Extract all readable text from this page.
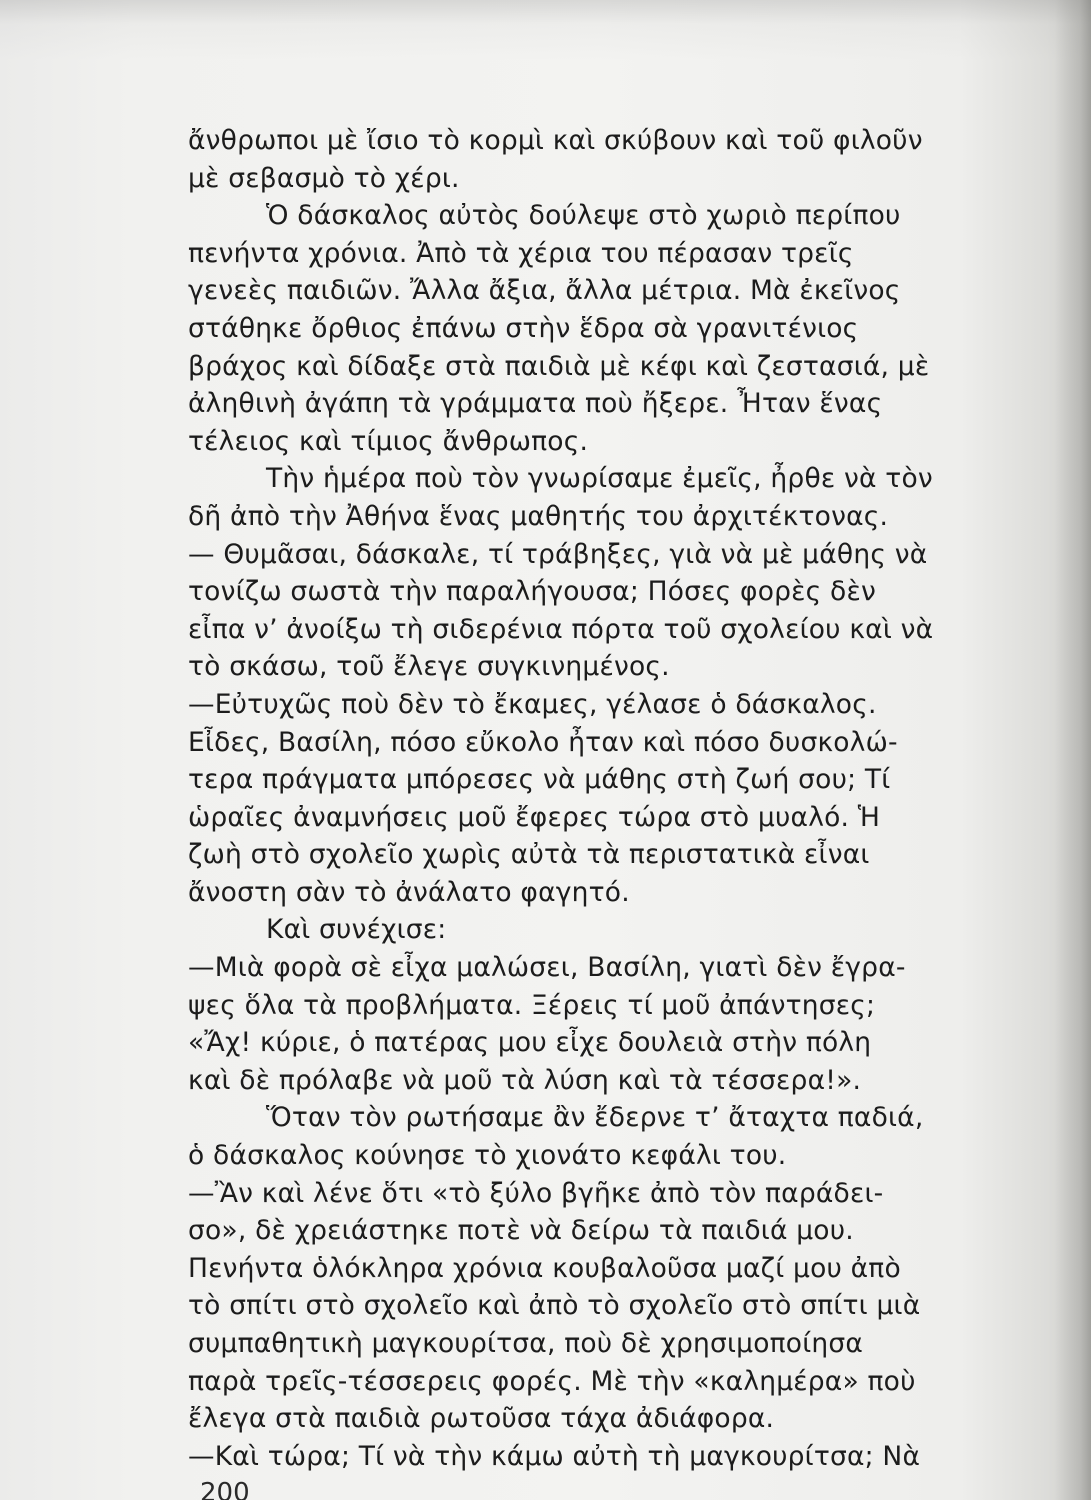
ἄνθρωποι μὲ ἴσιο τὸ κορμὶ καὶ σκύβουν καὶ τοῦ φιλοῦν
μὲ σεβασμὸ τὸ χέρι.
Ὁ δάσκαλος αὐτὸς δούλεψε στὸ χωριὸ περίπου
πενήντα χρόνια. Ἀπὸ τὰ χέρια του πέρασαν τρεῖς
γενεὲς παιδιῶν. Ἄλλα ἄξια, ἄλλα μέτρια. Μὰ ἐκεῖνος
στάθηκε ὄρθιος ἐπάνω στὴν ἕδρα σὰ γρανιτένιος
βράχος καὶ δίδαξε στὰ παιδιὰ μὲ κέφι καὶ ζεστασιά, μὲ
ἀληθινὴ ἀγάπη τὰ γράμματα ποὺ ἤξερε. Ἦταν ἕνας
τέλειος καὶ τίμιος ἄνθρωπος.
Τὴν ἡμέρα ποὺ τὸν γνωρίσαμε ἐμεῖς, ἦρθε νὰ τὸν
δῆ ἀπὸ τὴν Ἀθήνα ἕνας μαθητής του ἀρχιτέκτονας.
— Θυμᾶσαι, δάσκαλε, τί τράβηξες, γιὰ νὰ μὲ μάθης νὰ
τονίζω σωστὰ τὴν παραλήγουσα; Πόσες φορὲς δὲν
εἶπα ν’ ἀνοίξω τὴ σιδερένια πόρτα τοῦ σχολείου καὶ νὰ
τὸ σκάσω, τοῦ ἔλεγε συγκινημένος.
—Εὐτυχῶς ποὺ δὲν τὸ ἔκαμες, γέλασε ὁ δάσκαλος.
Εἶδες, Βασίλη, πόσο εὔκολο ἦταν καὶ πόσο δυσκολώ-
τερα πράγματα μπόρεσες νὰ μάθης στὴ ζωή σου; Τί
ὡραῖες ἀναμνήσεις μοῦ ἔφερες τώρα στὸ μυαλό. Ἡ
ζωὴ στὸ σχολεῖο χωρὶς αὐτὰ τὰ περιστατικὰ εἶναι
ἄνοστη σὰν τὸ ἀνάλατο φαγητό.
Καὶ συνέχισε:
—Μιὰ φορὰ σὲ εἶχα μαλώσει, Βασίλη, γιατὶ δὲν ἔγρα-
ψες ὅλα τὰ προβλήματα. Ξέρεις τί μοῦ ἀπάντησες;
«Ἄχ! κύριε, ὁ πατέρας μου εἶχε δουλειὰ στὴν πόλη
καὶ δὲ πρόλαβε νὰ μοῦ τὰ λύση καὶ τὰ τέσσερα!».
Ὅταν τὸν ρωτήσαμε ἂν ἔδερνε τ’ ἄταχτα παδιά,
ὁ δάσκαλος κούνησε τὸ χιονάτο κεφάλι του.
—Ἂν καὶ λένε ὅτι «τὸ ξύλο βγῆκε ἀπὸ τὸν παράδει-
σο», δὲ χρειάστηκε ποτὲ νὰ δείρω τὰ παιδιά μου.
Πενήντα ὁλόκληρα χρόνια κουβαλοῦσα μαζί μου ἀπὸ
τὸ σπίτι στὸ σχολεῖο καὶ ἀπὸ τὸ σχολεῖο στὸ σπίτι μιὰ
συμπαθητικὴ μαγκουρίτσα, ποὺ δὲ χρησιμοποίησα
παρὰ τρεῖς-τέσσερεις φορές. Μὲ τὴν «καλημέρα» ποὺ
ἔλεγα στὰ παιδιὰ ρωτοῦσα τάχα ἀδιάφορα.
—Καὶ τώρα; Τί νὰ τὴν κάμω αὐτὴ τὴ μαγκουρίτσα; Νὰ
200
